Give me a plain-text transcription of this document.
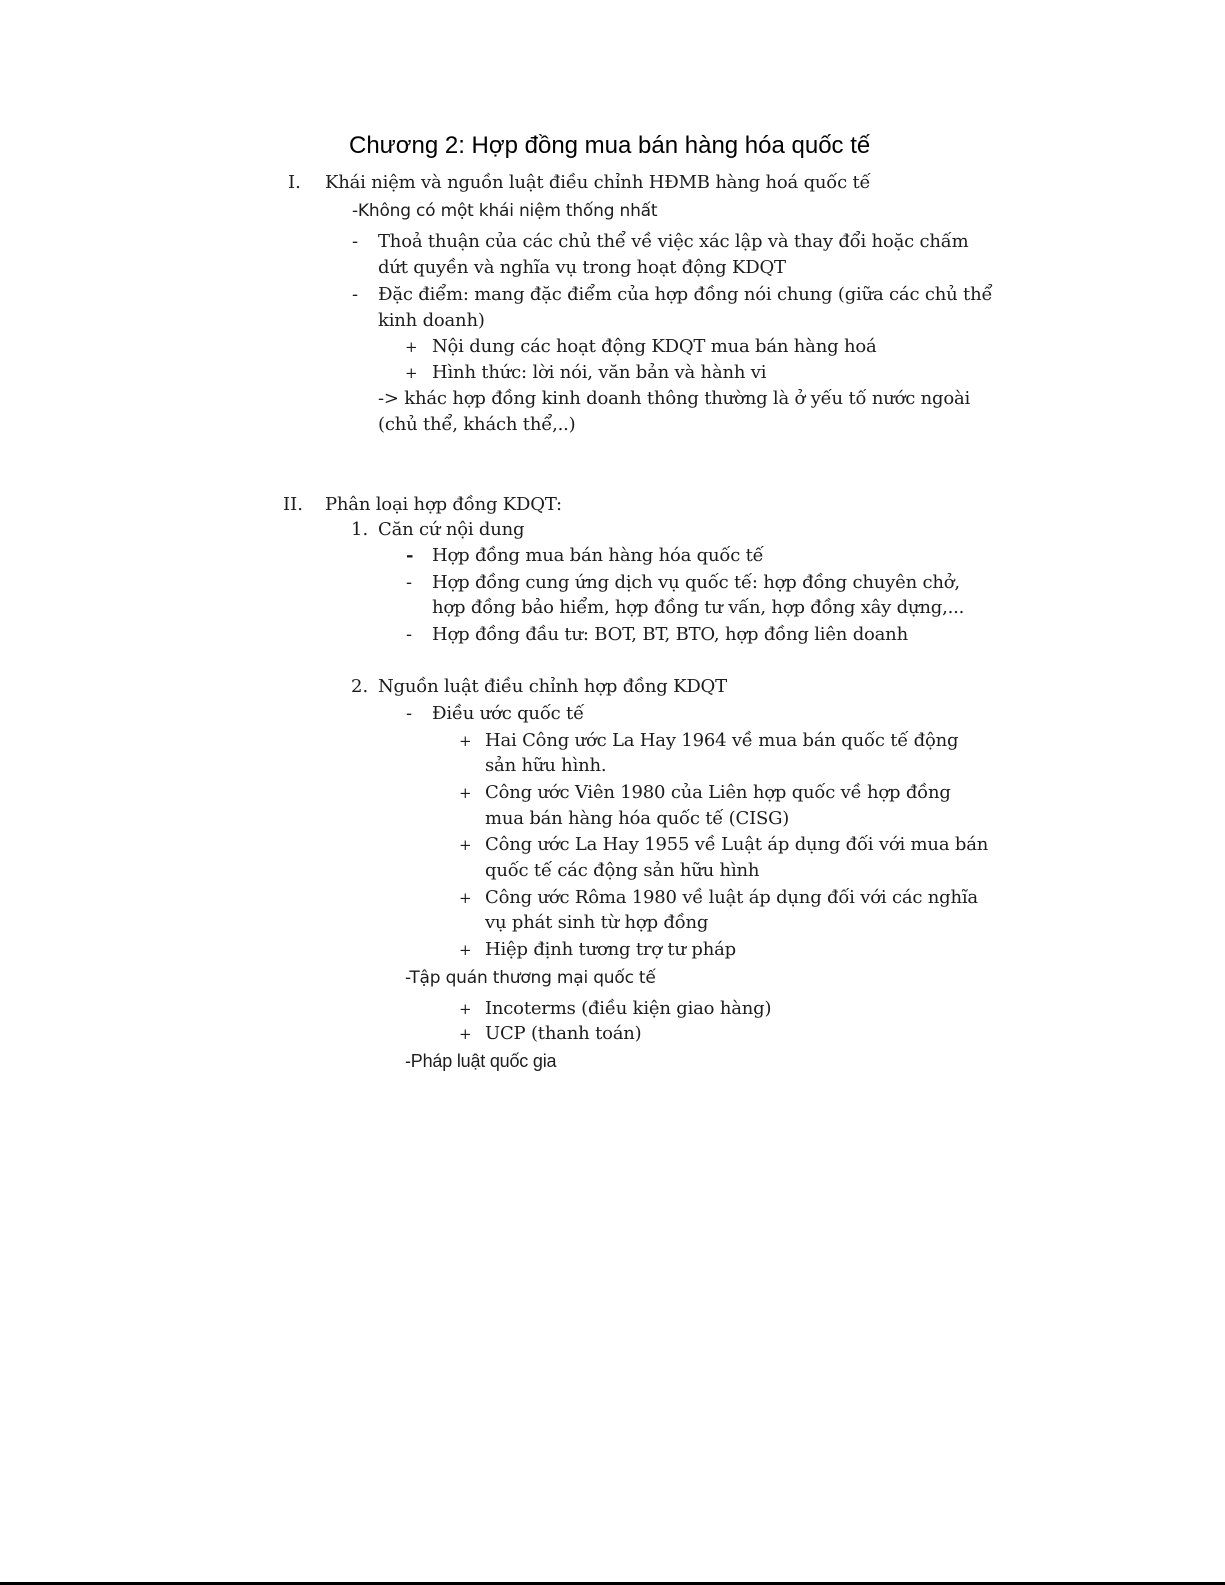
Chương 2: Hợp đồng mua bán hàng hóa quốc tế
I. Khái niệm và nguồn luật điều chỉnh HĐMB hàng hoá quốc tế
-Không có một khái niệm thống nhất
- Thoả thuận của các chủ thể về việc xác lập và thay đổi hoặc chấm
dứt quyền và nghĩa vụ trong hoạt động KDQT
- Đặc điểm: mang đặc điểm của hợp đồng nói chung (giữa các chủ thể
kinh doanh)
+ Nội dung các hoạt động KDQT mua bán hàng hoá
+ Hình thức: lời nói, văn bản và hành vi
-> khác hợp đồng kinh doanh thông thường là ở yếu tố nước ngoài
(chủ thể, khách thể,..)
II. Phân loại hợp đồng KDQT:
1. Căn cứ nội dung
- Hợp đồng mua bán hàng hóa quốc tế
- Hợp đồng cung ứng dịch vụ quốc tế: hợp đồng chuyên chở,
hợp đồng bảo hiểm, hợp đồng tư vấn, hợp đồng xây dựng,...
- Hợp đồng đầu tư: BOT, BT, BTO, hợp đồng liên doanh
2. Nguồn luật điều chỉnh hợp đồng KDQT
- Điều ước quốc tế
+ Hai Công ước La Hay 1964 về mua bán quốc tế động
sản hữu hình.
+ Công ước Viên 1980 của Liên hợp quốc về hợp đồng
mua bán hàng hóa quốc tế (CISG)
+ Công ước La Hay 1955 về Luật áp dụng đối với mua bán
quốc tế các động sản hữu hình
+ Công ước Rôma 1980 về luật áp dụng đối với các nghĩa
vụ phát sinh từ hợp đồng
+ Hiệp định tương trợ tư pháp
-Tập quán thương mại quốc tế
+ Incoterms (điều kiện giao hàng)
+ UCP (thanh toán)
-Pháp luật quốc gia
